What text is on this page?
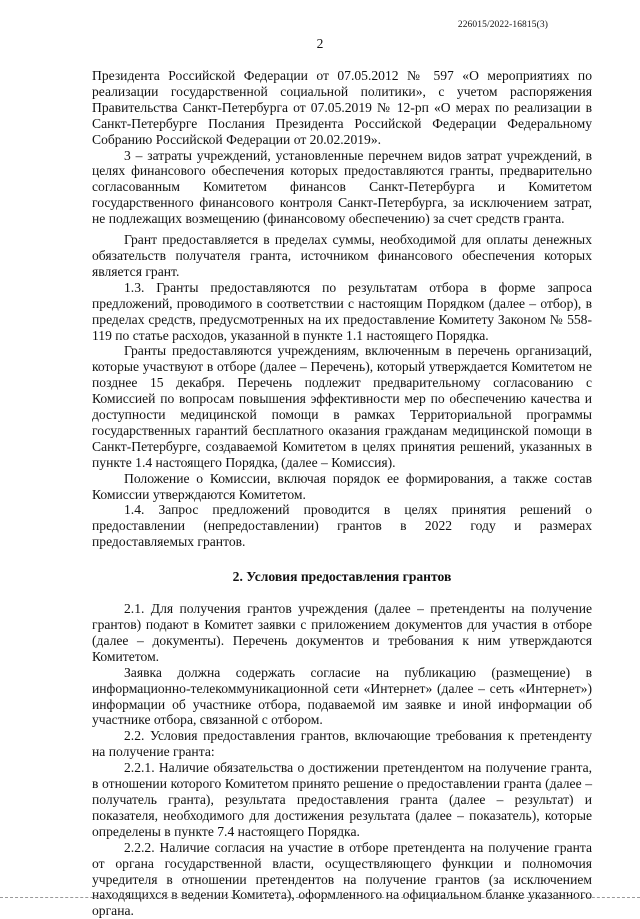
226015/2022-16815(3)
2

Президента Российской Федерации от 07.05.2012 № 597 «О мероприятиях по реализации государственной социальной политики», с учетом распоряжения Правительства Санкт-Петербурга от 07.05.2019 № 12-рп «О мерах по реализации в Санкт-Петербурге Послания Президента Российской Федерации Федеральному Собранию Российской Федерации от 20.02.2019».

3 – затраты учреждений, установленные перечнем видов затрат учреждений, в целях финансового обеспечения которых предоставляются гранты, предварительно согласованным Комитетом финансов Санкт-Петербурга и Комитетом государственного финансового контроля Санкт-Петербурга, за исключением затрат, не подлежащих возмещению (финансовому обеспечению) за счет средств гранта.

Грант предоставляется в пределах суммы, необходимой для оплаты денежных обязательств получателя гранта, источником финансового обеспечения которых является грант.

1.3. Гранты предоставляются по результатам отбора в форме запроса предложений, проводимого в соответствии с настоящим Порядком (далее – отбор), в пределах средств, предусмотренных на их предоставление Комитету Законом № 558-119 по статье расходов, указанной в пункте 1.1 настоящего Порядка.

Гранты предоставляются учреждениям, включенным в перечень организаций, которые участвуют в отборе (далее – Перечень), который утверждается Комитетом не позднее 15 декабря. Перечень подлежит предварительному согласованию с Комиссией по вопросам повышения эффективности мер по обеспечению качества и доступности медицинской помощи в рамках Территориальной программы государственных гарантий бесплатного оказания гражданам медицинской помощи в Санкт-Петербурге, создаваемой Комитетом в целях принятия решений, указанных в пункте 1.4 настоящего Порядка, (далее – Комиссия).

Положение о Комиссии, включая порядок ее формирования, а также состав Комиссии утверждаются Комитетом.

1.4. Запрос предложений проводится в целях принятия решений о предоставлении (непредоставлении) грантов в 2022 году и размерах предоставляемых грантов.

2. Условия предоставления грантов

2.1. Для получения грантов учреждения (далее – претенденты на получение грантов) подают в Комитет заявки с приложением документов для участия в отборе (далее – документы). Перечень документов и требования к ним утверждаются Комитетом.

Заявка должна содержать согласие на публикацию (размещение) в информационно-телекоммуникационной сети «Интернет» (далее – сеть «Интернет») информации об участнике отбора, подаваемой им заявке и иной информации об участнике отбора, связанной с отбором.

2.2. Условия предоставления грантов, включающие требования к претенденту на получение гранта:

2.2.1. Наличие обязательства о достижении претендентом на получение гранта, в отношении которого Комитетом принято решение о предоставлении гранта (далее – получатель гранта), результата предоставления гранта (далее – результат) и показателя, необходимого для достижения результата (далее – показатель), которые определены в пункте 7.4 настоящего Порядка.

2.2.2. Наличие согласия на участие в отборе претендента на получение гранта от органа государственной власти, осуществляющего функции и полномочия учредителя в отношении претендентов на получение грантов (за исключением находящихся в ведении Комитета), оформленного на официальном бланке указанного органа.
